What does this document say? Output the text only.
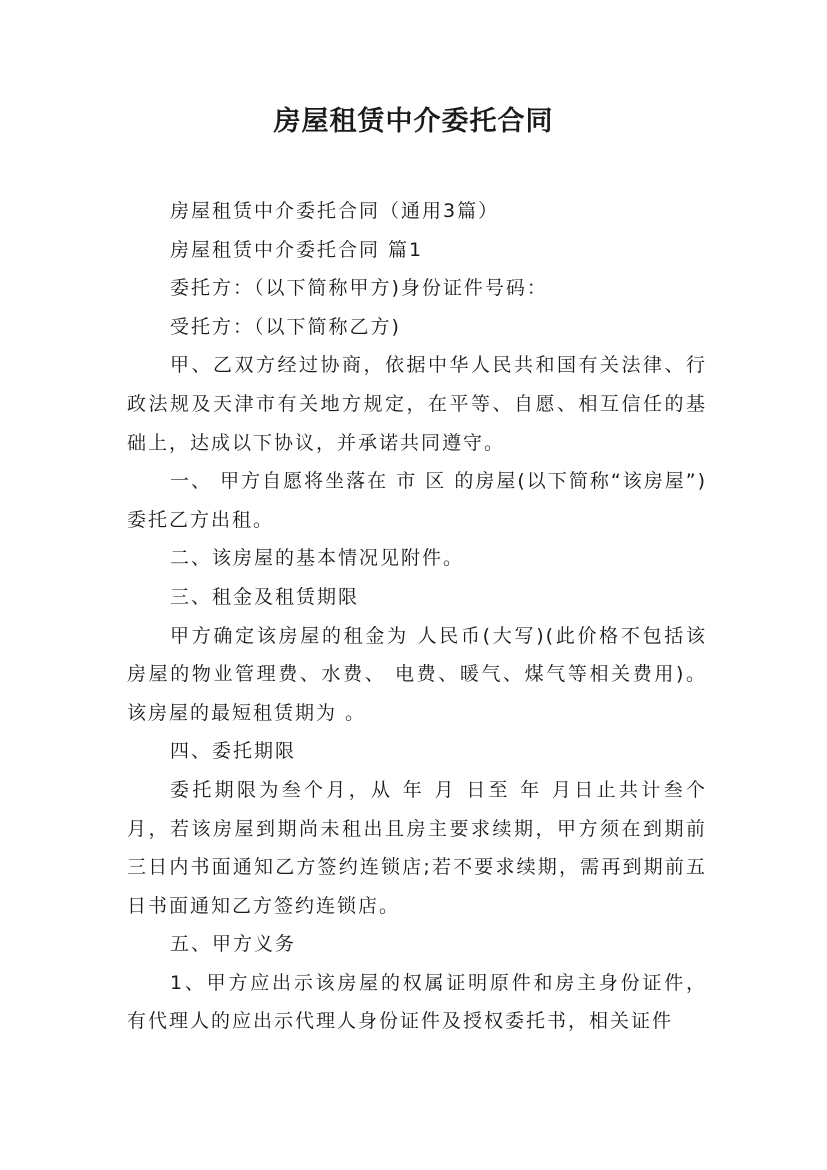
房屋租赁中介委托合同

房屋租赁中介委托合同（通用3篇）

房屋租赁中介委托合同 篇1

委托方：（以下简称甲方)身份证件号码：

受托方：（以下简称乙方)

甲、乙双方经过协商，依据中华人民共和国有关法律、行政法规及天津市有关地方规定，在平等、自愿、相互信任的基础上，达成以下协议，并承诺共同遵守。

一、 甲方自愿将坐落在 市 区 的房屋(以下简称“该房屋”)委托乙方出租。

二、该房屋的基本情况见附件。

三、租金及租赁期限

甲方确定该房屋的租金为 人民币(大写)(此价格不包括该房屋的物业管理费、水费、 电费、暖气、煤气等相关费用)。该房屋的最短租赁期为 。

四、委托期限

委托期限为叁个月，从 年 月 日至 年 月日止共计叁个月，若该房屋到期尚未租出且房主要求续期，甲方须在到期前三日内书面通知乙方签约连锁店;若不要求续期，需再到期前五日书面通知乙方签约连锁店。

五、甲方义务

1、甲方应出示该房屋的权属证明原件和房主身份证件，有代理人的应出示代理人身份证件及授权委托书，相关证件
